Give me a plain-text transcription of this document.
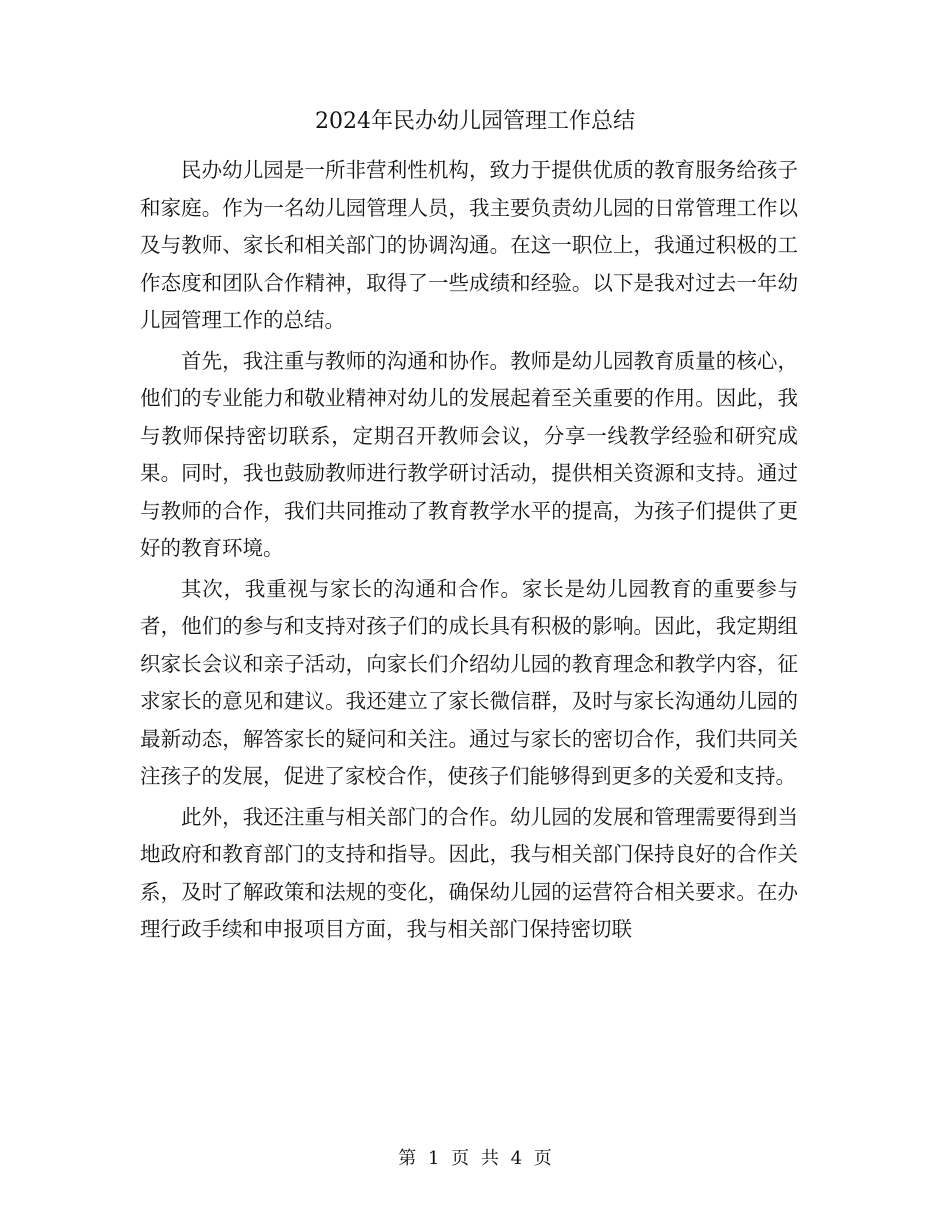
2024年民办幼儿园管理工作总结

民办幼儿园是一所非营利性机构，致力于提供优质的教育服务给孩子和家庭。作为一名幼儿园管理人员，我主要负责幼儿园的日常管理工作以及与教师、家长和相关部门的协调沟通。在这一职位上，我通过积极的工作态度和团队合作精神，取得了一些成绩和经验。以下是我对过去一年幼儿园管理工作的总结。

首先，我注重与教师的沟通和协作。教师是幼儿园教育质量的核心，他们的专业能力和敬业精神对幼儿的发展起着至关重要的作用。因此，我与教师保持密切联系，定期召开教师会议，分享一线教学经验和研究成果。同时，我也鼓励教师进行教学研讨活动，提供相关资源和支持。通过与教师的合作，我们共同推动了教育教学水平的提高，为孩子们提供了更好的教育环境。

其次，我重视与家长的沟通和合作。家长是幼儿园教育的重要参与者，他们的参与和支持对孩子们的成长具有积极的影响。因此，我定期组织家长会议和亲子活动，向家长们介绍幼儿园的教育理念和教学内容，征求家长的意见和建议。我还建立了家长微信群，及时与家长沟通幼儿园的最新动态，解答家长的疑问和关注。通过与家长的密切合作，我们共同关注孩子的发展，促进了家校合作，使孩子们能够得到更多的关爱和支持。

此外，我还注重与相关部门的合作。幼儿园的发展和管理需要得到当地政府和教育部门的支持和指导。因此，我与相关部门保持良好的合作关系，及时了解政策和法规的变化，确保幼儿园的运营符合相关要求。在办理行政手续和申报项目方面，我与相关部门保持密切联

第 1 页 共 4 页
